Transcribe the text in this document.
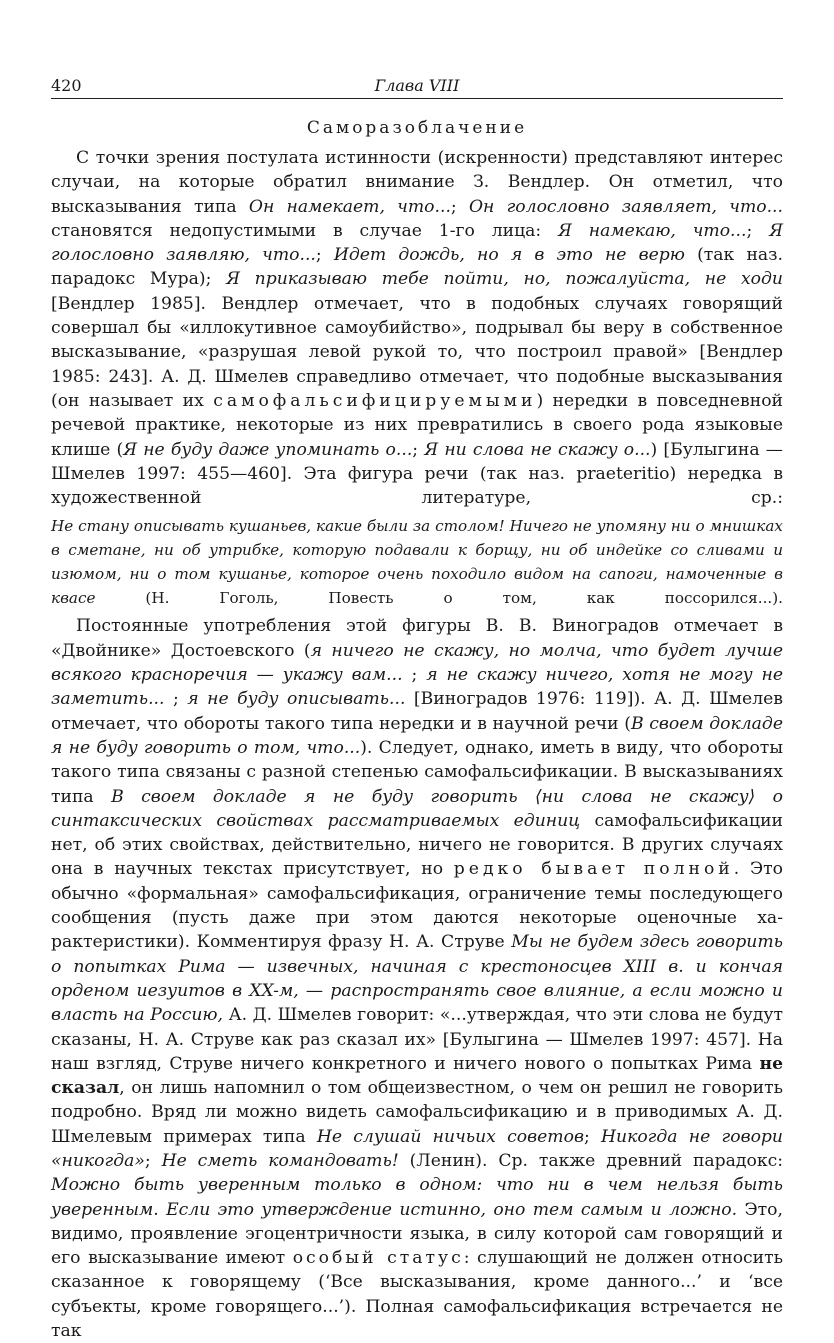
420	Глава VIII
Саморазоблачение

С точки зрения постулата истинности (искренности) представляют интерес случаи, на которые обратил внимание З. Вендлер. Он отметил, что высказывания типа Он намекает, что...; Он голословно заявляет, что... становятся недопустимыми в случае 1-го лица: Я намекаю, что...; Я голословно заявляю, что...; Идет дождь, но я в это не верю (так наз. парадокс Мура); Я приказываю тебе пойти, но, пожалуйста, не ходи [Вендлер 1985]. Вендлер отмечает, что в подобных случаях говорящий совершал бы «иллокутивное самоубийство», подрывал бы веру в собственное высказывание, «разрушая левой рукой то, что построил правой» [Вендлер 1985: 243]. А. Д. Шмелев справедливо отмечает, что подобные высказывания (он называет их самофальсифицируемыми) нередки в повседневной речевой практике, некоторые из них превратились в своего рода языковые клише (Я не буду даже упоминать о...; Я ни слова не скажу о...) [Булыгина — Шмелев 1997: 455—460]. Эта фигура речи (так наз. praeteritio) нередка в художественной литературе, ср.:

Не стану описывать кушаньев, какие были за столом! Ничего не упомяну ни о мнишках в сметане, ни об утрибке, которую подавали к борщу, ни об индейке со сливами и изюмом, ни о том кушанье, которое очень походило видом на сапоги, намоченные в квасе (Н. Гоголь, Повесть о том, как поссорился...).

Постоянные употребления этой фигуры В. В. Виноградов отмечает в «Двойнике» Достоевского (я ничего не скажу, но молча, что будет лучше всякого красноречия — укажу вам... ; я не скажу ничего, хотя не могу не заметить... ; я не буду описывать... [Виноградов 1976: 119]). А. Д. Шмелев отмечает, что обороты такого типа нередки и в научной речи (В своем докладе я не буду говорить о том, что...). Следует, однако, иметь в виду, что обороты такого типа связаны с разной степенью самофальсификации. В высказываниях типа В своем докладе я не буду говорить ⟨ни слова не скажу⟩ о синтаксических свойствах рассматриваемых единиц самофальсификации нет, об этих свойствах, действительно, ничего не говорится. В других случаях она в научных текстах присутствует, но редко бывает полной. Это обычно «формальная» самофальсификация, ограничение темы последующего сообщения (пусть даже при этом даются некоторые оценочные характеристики). Комментируя фразу Н. А. Струве Мы не будем здесь говорить о попытках Рима — извечных, начиная с крестоносцев XIII в. и кончая орденом иезуитов в XX-м, — распространять свое влияние, а если можно и власть на Россию, А. Д. Шмелев говорит: «...утверждая, что эти слова не будут сказаны, Н. А. Струве как раз сказал их» [Булыгина — Шмелев 1997: 457]. На наш взгляд, Струве ничего конкретного и ничего нового о попытках Рима не сказал, он лишь напомнил о том общеизвестном, о чем он решил не говорить подробно. Вряд ли можно видеть самофальсификацию и в приводимых А. Д. Шмелевым примерах типа Не слушай ничьих советов; Никогда не говори «никогда»; Не сметь командовать! (Ленин). Ср. также древний парадокс: Можно быть уверенным только в одном: что ни в чем нельзя быть уверенным. Если это утверждение истинно, оно тем самым и ложно. Это, видимо, проявление эгоцентричности языка, в силу которой сам говорящий и его высказывание имеют особый статус: слушающий не должен относить сказанное к говорящему (‘Все высказывания, кроме данного...’ и ‘все субъекты, кроме говорящего...’). Полная самофальсификация встречается не так
